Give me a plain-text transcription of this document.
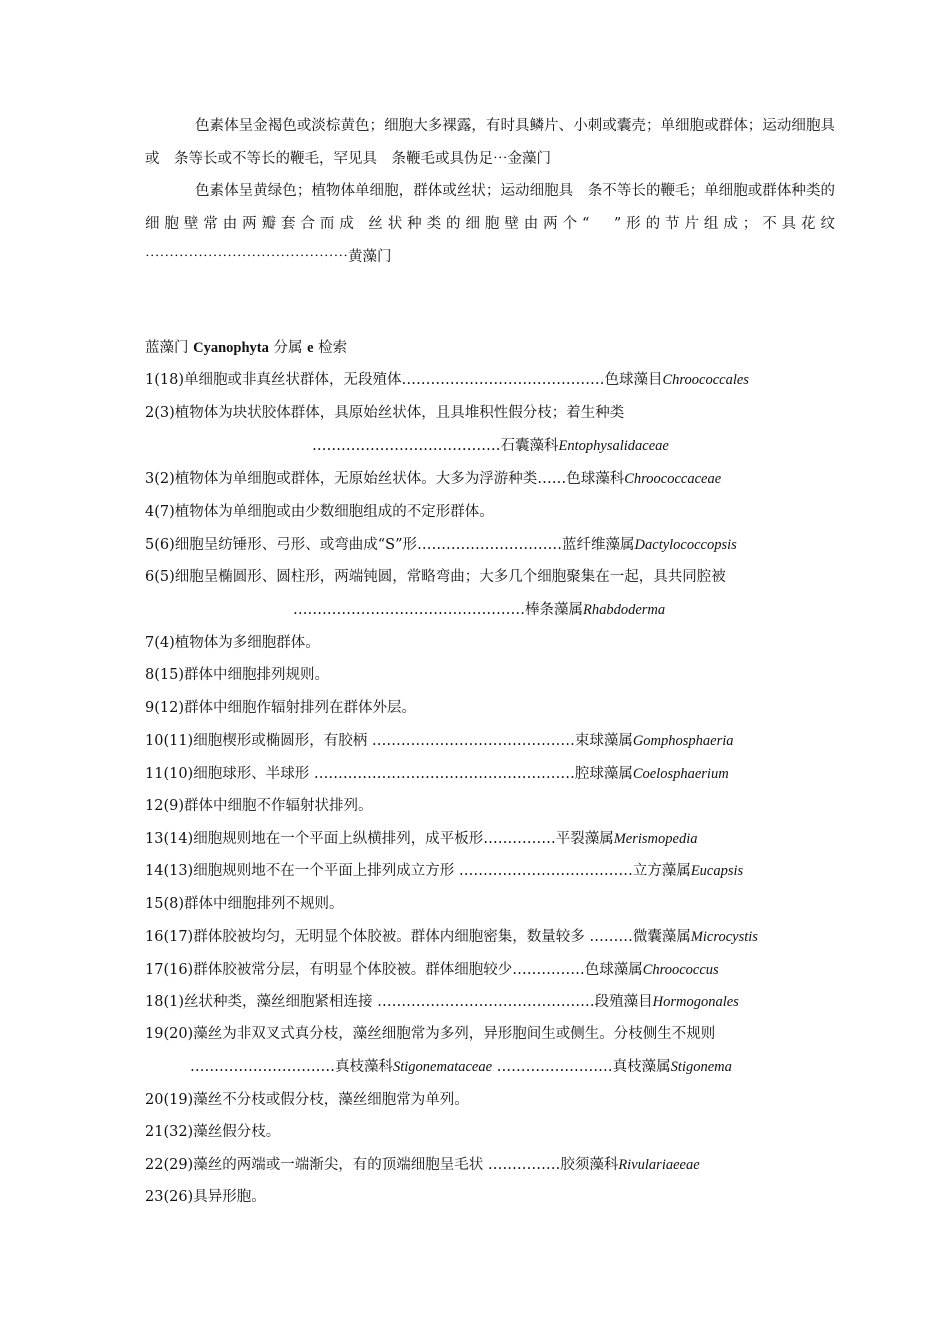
色素体呈金褐色或淡棕黄色；细胞大多裸露，有时具鳞片、小刺或囊壳；单细胞或群体；运动细胞具　或　条等长或不等长的鞭毛，罕见具　条鞭毛或具伪足⋯金藻门
色素体呈黄绿色；植物体单细胞，群体或丝状；运动细胞具　条不等长的鞭毛；单细胞或群体种类的细胞壁常由两瓣套合而成 丝状种类的细胞壁由两个“　”形的节片组成；不具花纹 ⋯⋯⋯⋯⋯⋯⋯⋯⋯⋯⋯⋯⋯⋯黄藻门
蓝藻门 Cyanophyta 分属 e 检索
1(18)单细胞或非真丝状群体，无段殖体……………………………………色球藻目Chroococcales
2(3)植物体为块状胶体群体，具原始丝状体，且具堆积性假分枝；着生种类
…………………………………石囊藻科Entophysalidaceae
3(2)植物体为单细胞或群体，无原始丝状体。大多为浮游种类……色球藻科Chroococcaceae
4(7)植物体为单细胞或由少数细胞组成的不定形群体。
5(6)细胞呈纺锤形、弓形、或弯曲成“S”形…………………………蓝纤维藻属Dactylococcopsis
6(5)细胞呈椭圆形、圆柱形，两端钝圆，常略弯曲；大多几个细胞聚集在一起，具共同腔被
…………………………………………棒条藻属Rhabdoderma
7(4)植物体为多细胞群体。
8(15)群体中细胞排列规则。
9(12)群体中细胞作辐射排列在群体外层。
10(11)细胞楔形或椭圆形，有胶柄 ……………………………………束球藻属Gomphosphaeria
11(10)细胞球形、半球形 ………………………………………………腔球藻属Coelosphaerium
12(9)群体中细胞不作辐射状排列。
13(14)细胞规则地在一个平面上纵横排列，成平板形……………平裂藻属Merismopedia
14(13)细胞规则地不在一个平面上排列成立方形 ………………………………立方藻属Eucapsis
15(8)群体中细胞排列不规则。
16(17)群体胶被均匀，无明显个体胶被。群体内细胞密集，数量较多 ………微囊藻属Microcystis
17(16)群体胶被常分层，有明显个体胶被。群体细胞较少……………色球藻属Chroococcus
18(1)丝状种类，藻丝细胞紧相连接 ………………………………………段殖藻目Hormogonales
19(20)藻丝为非双叉式真分枝，藻丝细胞常为多列，异形胞间生或侧生。分枝侧生不规则
…………………………真枝藻科Stigonemataceae ……………………真枝藻属Stigonema
20(19)藻丝不分枝或假分枝，藻丝细胞常为单列。
21(32)藻丝假分枝。
22(29)藻丝的两端或一端渐尖，有的顶端细胞呈毛状 ……………胶须藻科Rivulariaeeae
23(26)具异形胞。
